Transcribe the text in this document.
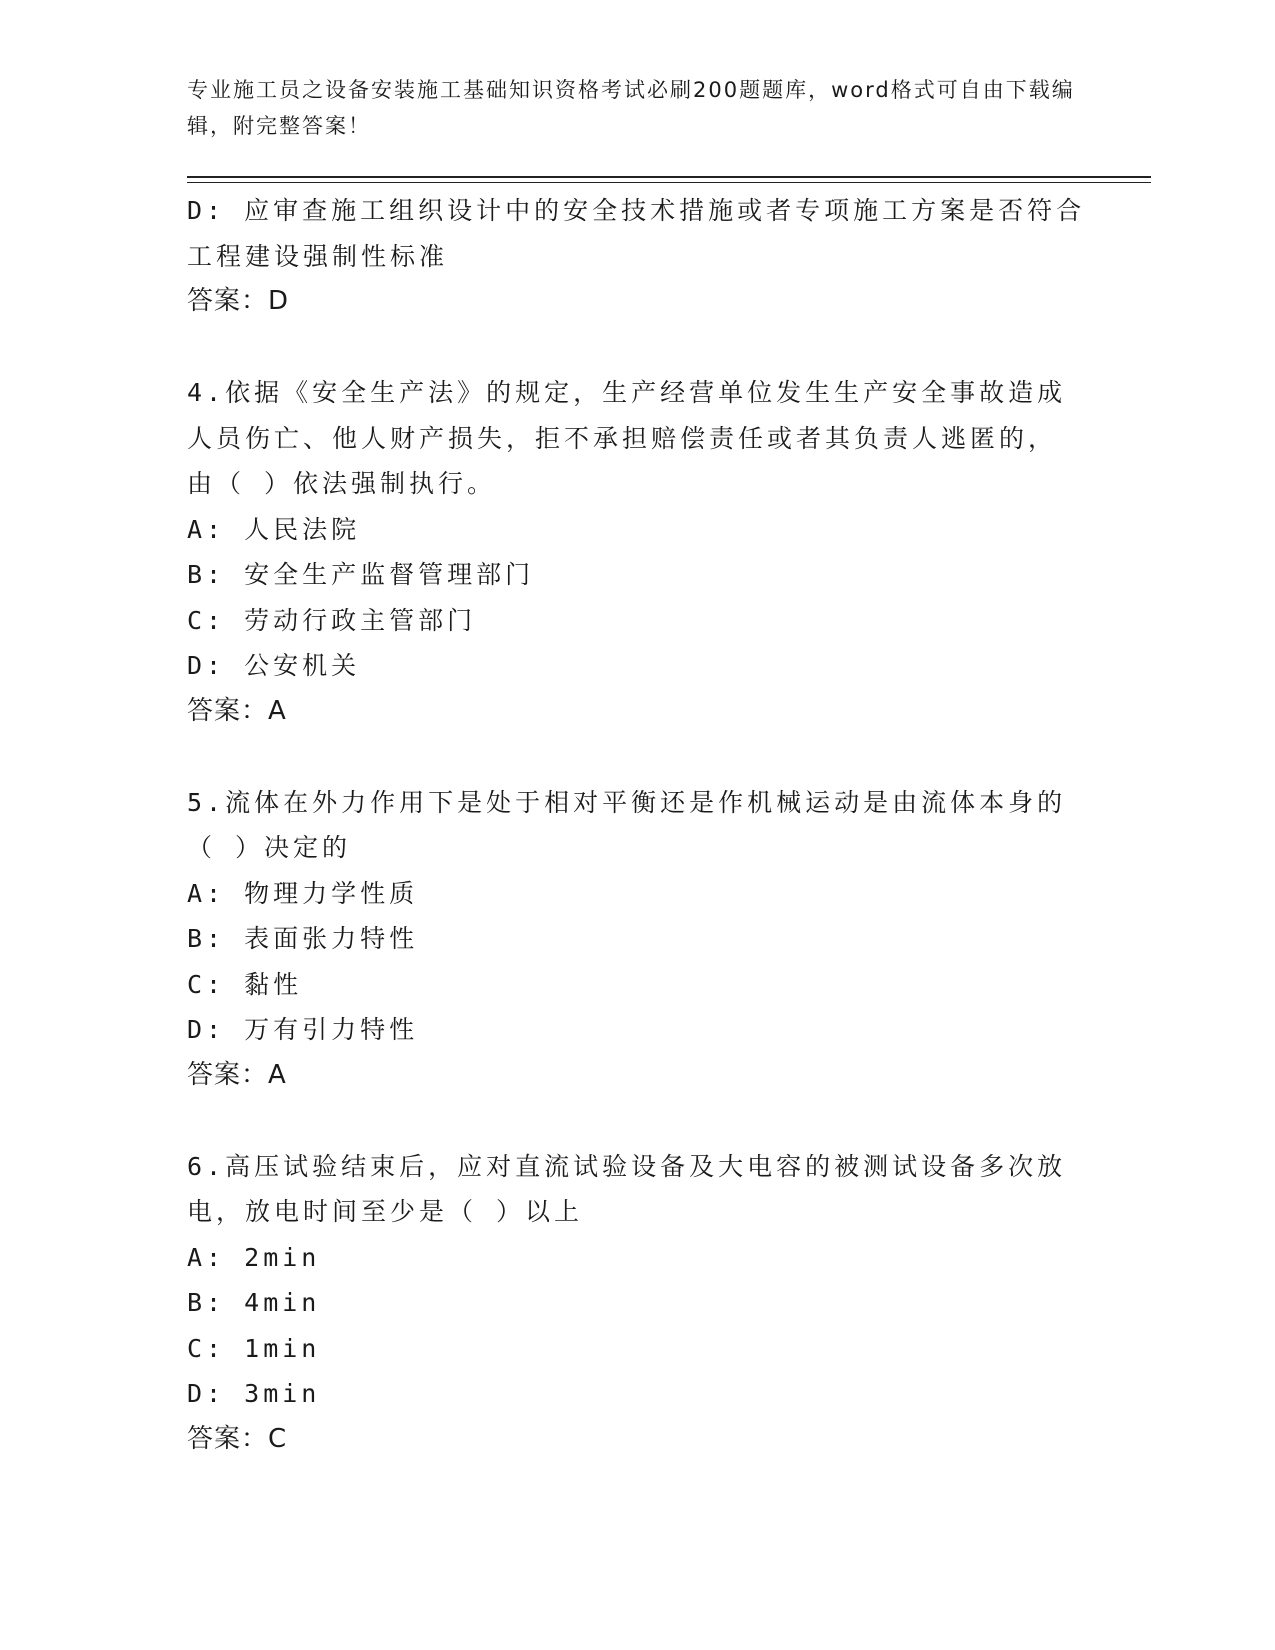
专业施工员之设备安装施工基础知识资格考试必刷200题题库，word格式可自由下载编辑，附完整答案！
D: 应审查施工组织设计中的安全技术措施或者专项施工方案是否符合
工程建设强制性标准
答案：D
4.依据《安全生产法》的规定，生产经营单位发生生产安全事故造成
人员伤亡、他人财产损失，拒不承担赔偿责任或者其负责人逃匿的，
由（ ）依法强制执行。
A: 人民法院
B: 安全生产监督管理部门
C: 劳动行政主管部门
D: 公安机关
答案：A
5.流体在外力作用下是处于相对平衡还是作机械运动是由流体本身的
（ ）决定的
A: 物理力学性质
B: 表面张力特性
C: 黏性
D: 万有引力特性
答案：A
6.高压试验结束后，应对直流试验设备及大电容的被测试设备多次放
电，放电时间至少是（ ）以上
A: 2min
B: 4min
C: 1min
D: 3min
答案：C
